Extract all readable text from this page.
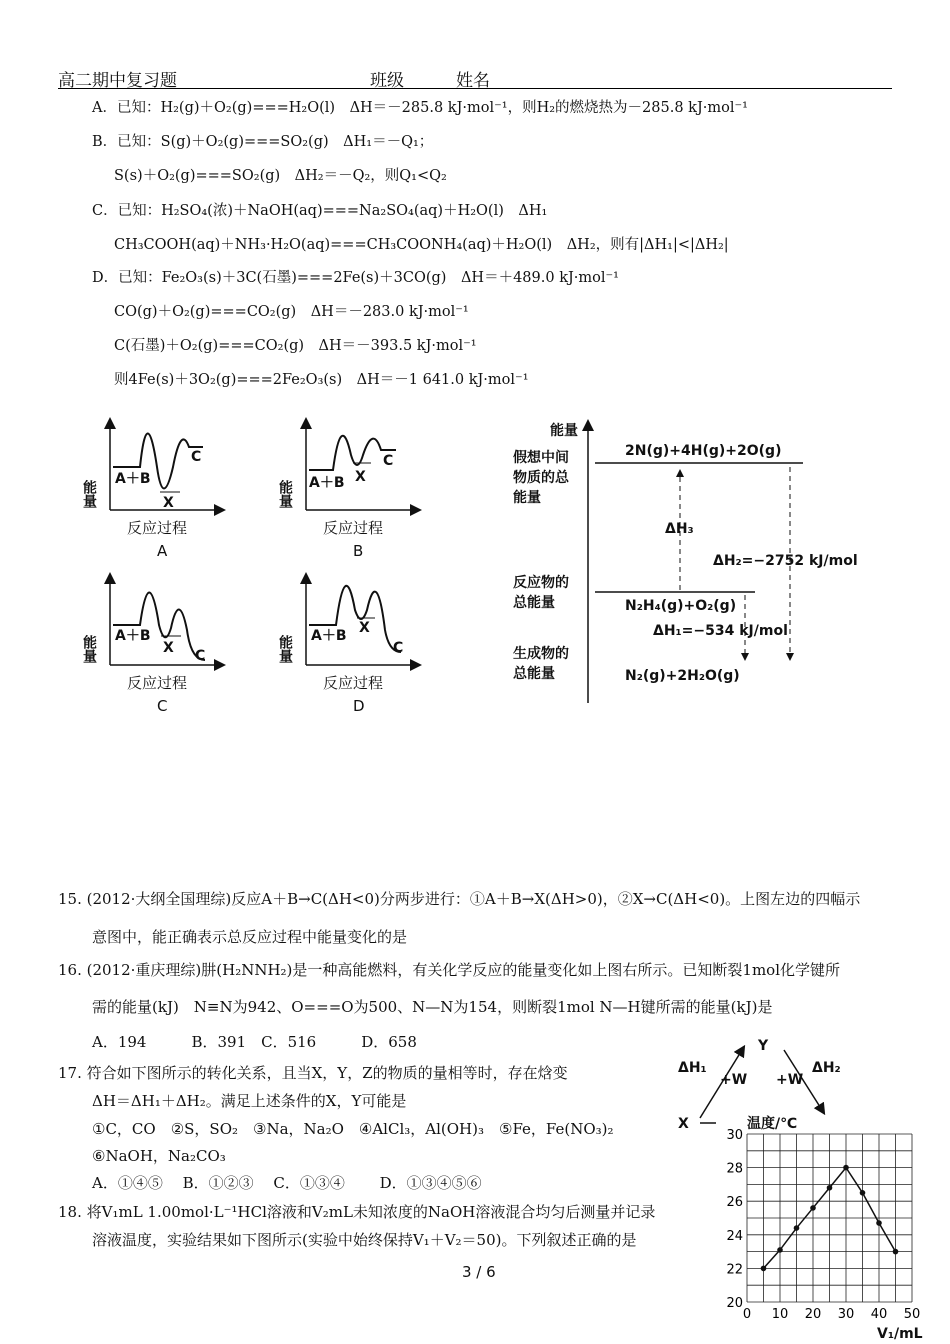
高二期中复习题	班级	姓名
A．已知：H₂(g)＋O₂(g)===H₂O(l)　ΔH＝－285.8 kJ·mol⁻¹，则H₂的燃烧热为－285.8 kJ·mol⁻¹
B．已知：S(g)＋O₂(g)===SO₂(g)　ΔH₁＝－Q₁；
S(s)＋O₂(g)===SO₂(g)　ΔH₂＝－Q₂，则Q₁<Q₂
C．已知：H₂SO₄(浓)＋NaOH(aq)===Na₂SO₄(aq)＋H₂O(l)　ΔH₁
CH₃COOH(aq)＋NH₃·H₂O(aq)===CH₃COONH₄(aq)＋H₂O(l)　ΔH₂，则有|ΔH₁|<|ΔH₂|
D．已知：Fe₂O₃(s)＋3C(石墨)===2Fe(s)＋3CO(g)　ΔH＝＋489.0 kJ·mol⁻¹
CO(g)＋O₂(g)===CO₂(g)　ΔH＝－283.0 kJ·mol⁻¹
C(石墨)＋O₂(g)===CO₂(g)　ΔH＝－393.5 kJ·mol⁻¹
则4Fe(s)＋3O₂(g)===2Fe₂O₃(s)　ΔH＝－1 641.0 kJ·mol⁻¹
能量
A＋B
X
C
反应过程
A
能量 A＋B X
C
反应过程
B
能量 A＋B
X C
反应过程
C
能量 A＋B X
C
反应过程
D
能量
假想中间物质的总能量
反应物的总能量
生成物的总能量
2N(g)+4H(g)+2O(g)
N₂H₄(g)+O₂(g)
N₂(g)+2H₂O(g)
ΔH₃
ΔH₂=−2752 kJ/mol
ΔH₁=−534 kJ/mol
15. (2012·大纲全国理综)反应A＋B→C(ΔH<0)分两步进行：①A＋B→X(ΔH>0)，②X→C(ΔH<0)。上图左边的四幅示
意图中，能正确表示总反应过程中能量变化的是
16. (2012·重庆理综)肼(H₂NNH₂)是一种高能燃料，有关化学反应的能量变化如上图右所示。已知断裂1mol化学键所
需的能量(kJ)　N≡N为942、O===O为500、N—N为154，则断裂1mol N—H键所需的能量(kJ)是
A．194　　　B．391　C．516　　　D．658
17. 符合如下图所示的转化关系，且当X，Y，Z的物质的量相等时，存在焓变
ΔH＝ΔH₁＋ΔH₂。满足上述条件的X，Y可能是
①C，CO　②S，SO₂　③Na，Na₂O　④AlCl₃，Al(OH)₃　⑤Fe，Fe(NO₃)₂
⑥NaOH，Na₂CO₃
A．①④⑤　 B．①②③　 C．①③④　　 D．①③④⑤⑥
18. 将V₁mL 1.00mol·L⁻¹HCl溶液和V₂mL未知浓度的NaOH溶液混合均匀后测量并记录
溶液温度，实验结果如下图所示(实验中始终保持V₁＋V₂＝50)。下列叙述正确的是
Y
X
ΔH₁
+W +W
ΔH₂
温度/℃
V₁/mL
20
22
24
26
28
30
0 10 20 30 40 50
3 / 6
